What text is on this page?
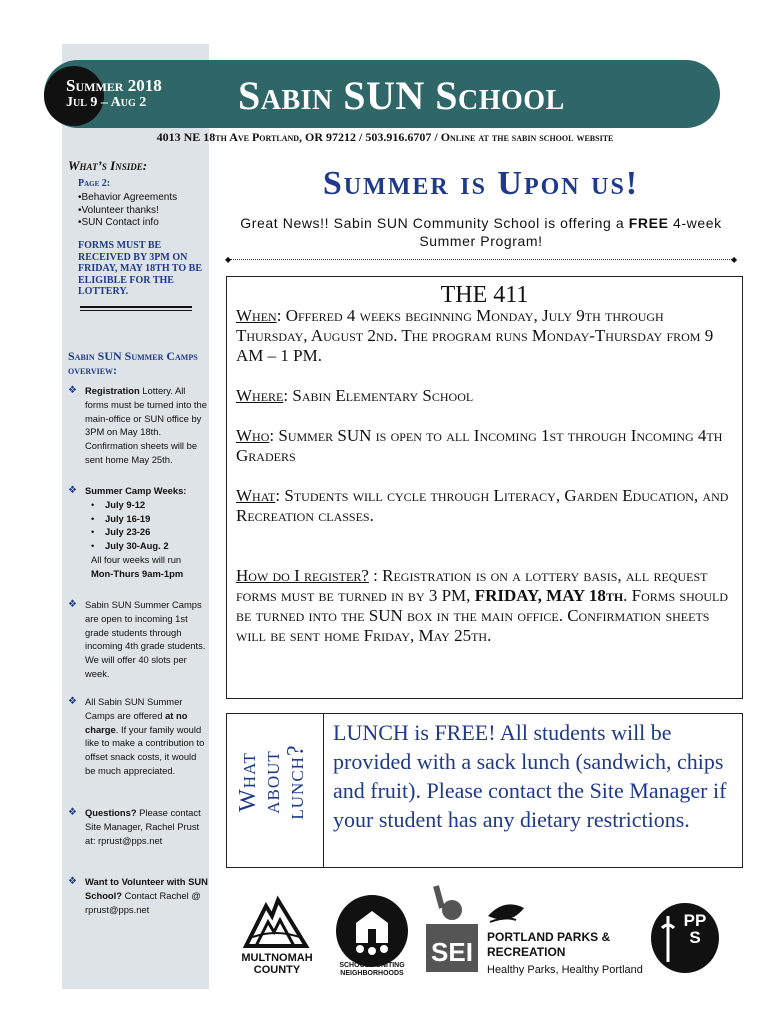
Summer 2018
Jul 9 – Aug 2 Sabin SUN School
4013 NE 18th Ave Portland, OR 97212 / 503.916.6707 / Online at the sabin school website
What’s Inside:
Page 2:
• Behavior Agreements
• Volunteer thanks!
• SUN Contact info
FORMS MUST BE RECEIVED BY 3PM ON FRIDAY, MAY 18TH TO BE ELIGIBLE FOR THE LOTTERY.
Sabin SUN Summer Camps overview:
❖ Registration Lottery. All forms must be turned into the main-office or SUN office by 3PM on May 18th. Confirmation sheets will be sent home May 25th.
❖ Summer Camp Weeks:
• July 9-12
• July 16-19
• July 23-26
• July 30-Aug. 2
All four weeks will run
Mon-Thurs 9am-1pm
❖ Sabin SUN Summer Camps are open to incoming 1st grade students through incoming 4th grade students. We will offer 40 slots per week.
❖ All Sabin SUN Summer Camps are offered at no charge. If your family would like to make a contribution to offset snack costs, it would be much appreciated.
❖ Questions? Please contact Site Manager, Rachel Prust at: rprust@pps.net
❖ Want to Volunteer with SUN School? Contact Rachel @ rprust@pps.net
Summer is Upon us!
Great News!! Sabin SUN Community School is offering a FREE 4-week Summer Program!
◆	◆
THE 411
When: Offered 4 weeks beginning Monday, July 9th through Thursday, August 2nd. The program runs Monday-Thursday from 9 AM – 1 PM.
Where: Sabin Elementary School
Who: Summer SUN is open to all Incoming 1st through Incoming 4th Graders
What: Students will cycle through Literacy, Garden Education, and Recreation classes.
How do I register? : Registration is on a lottery basis, all request forms must be turned in by 3 PM, FRIDAY, MAY 18th. Forms should be turned into the SUN box in the main office. Confirmation sheets will be sent home Friday, May 25th.
What about lunch?
LUNCH is FREE! All students will be provided with a sack lunch (sandwich, chips and fruit). Please contact the Site Manager if your student has any dietary restrictions.
MULTNOMAH COUNTY	SCHOOLS UNITING NEIGHBORHOODS
SEI	PORTLAND PARKS & RECREATION
Healthy Parks, Healthy Portland
PPS
